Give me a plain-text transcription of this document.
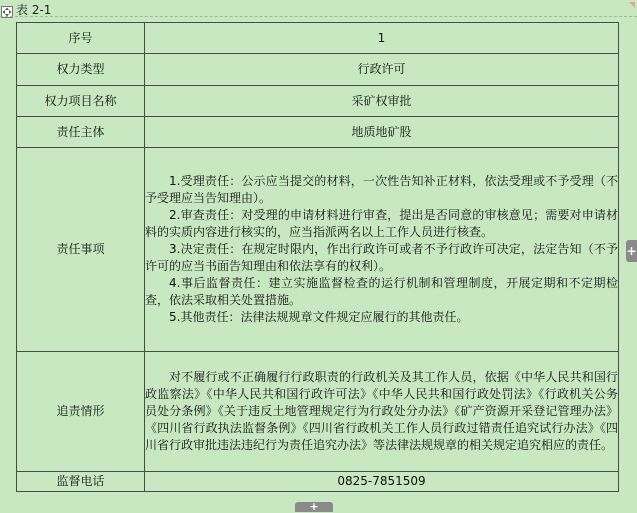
表 2-1
序号	1
权力类型	行政许可
权力项目名称	采矿权审批
责任主体	地质地矿股
责任事项	1.受理责任：公示应当提交的材料，一次性告知补正材料，依法受理或不予受理（不予受理应当告知理由）。

2.审查责任：对受理的申请材料进行审查，提出是否同意的审核意见；需要对申请材料的实质内容进行核实的，应当指派两名以上工作人员进行核查。

3.决定责任：在规定时限内，作出行政许可或者不予行政许可决定，法定告知（不予许可的应当书面告知理由和依法享有的权利）。

4.事后监督责任：建立实施监督检查的运行机制和管理制度，开展定期和不定期检查，依法采取相关处置措施。

5.其他责任：法律法规规章文件规定应履行的其他责任。

追责情形	对不履行或不正确履行行政职责的行政机关及其工作人员，依据《中华人民共和国行政监察法》《中华人民共和国行政许可法》《中华人民共和国行政处罚法》《行政机关公务员处分条例》《关于违反土地管理规定行为行政处分办法》《矿产资源开采登记管理办法》《四川省行政执法监督条例》《四川省行政机关工作人员行政过错责任追究试行办法》《四川省行政审批违法违纪行为责任追究办法》等法律法规规章的相关规定追究相应的责任。

监督电话	0825-7851509
+
+
